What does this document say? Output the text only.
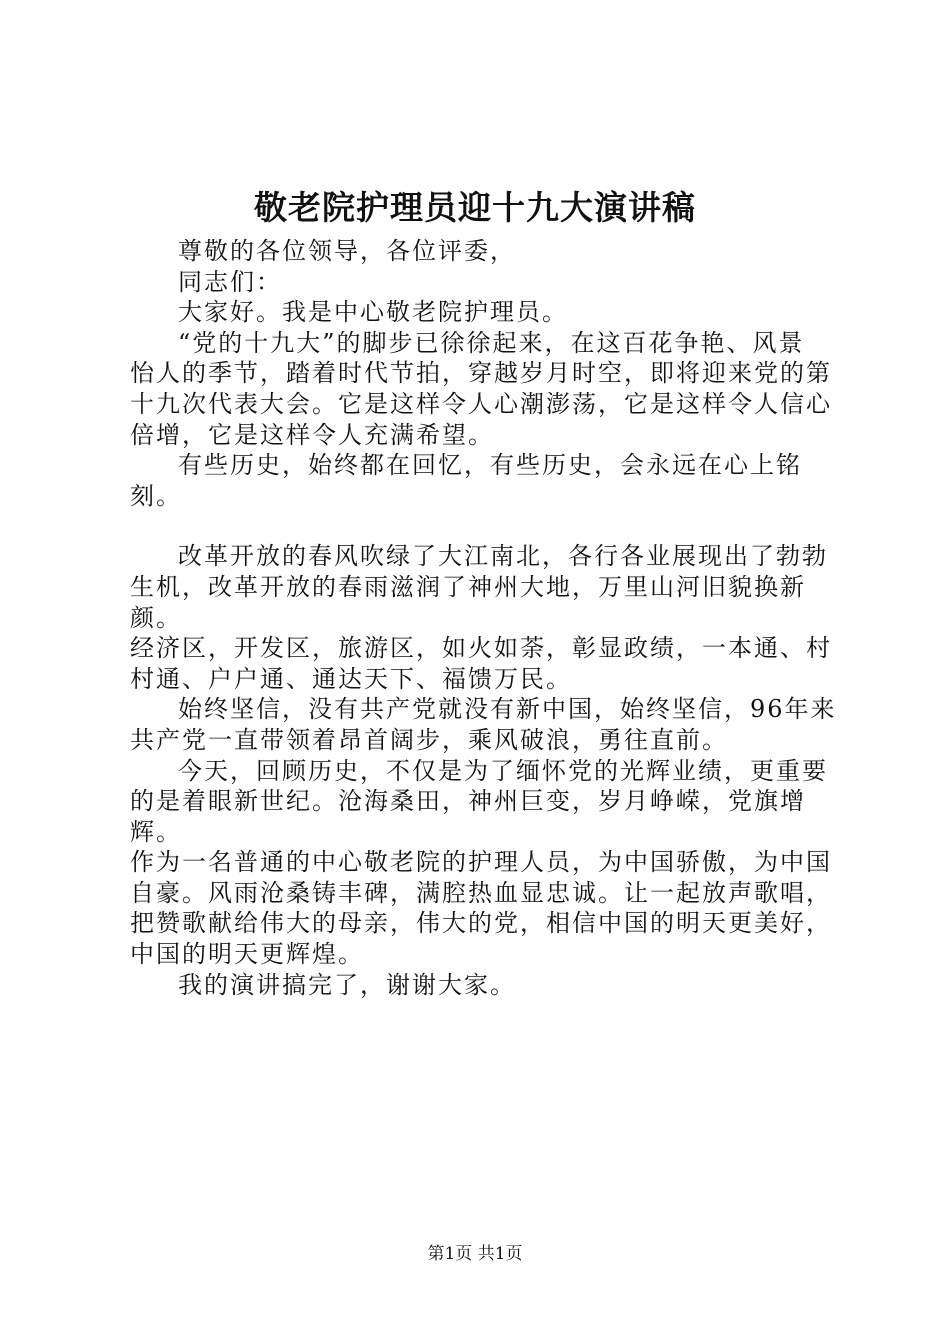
敬老院护理员迎十九大演讲稿

尊敬的各位领导，各位评委，

同志们：

大家好。我是中心敬老院护理员。

“党的十九大”的脚步已徐徐起来，在这百花争艳、风景
怡人的季节，踏着时代节拍，穿越岁月时空，即将迎来党的第
十九次代表大会。它是这样令人心潮澎荡，它是这样令人信心
倍增，它是这样令人充满希望。

有些历史，始终都在回忆，有些历史，会永远在心上铭刻。

改革开放的春风吹绿了大江南北，各行各业展现出了勃勃
生机，改革开放的春雨滋润了神州大地，万里山河旧貌换新颜。
经济区，开发区，旅游区，如火如荼，彰显政绩，一本通、村
村通、户户通、通达天下、福馈万民。

始终坚信，没有共产党就没有新中国，始终坚信，96年来
共产党一直带领着昂首阔步，乘风破浪，勇往直前。

今天，回顾历史，不仅是为了缅怀党的光辉业绩，更重要
的是着眼新世纪。沧海桑田，神州巨变，岁月峥嵘，党旗增辉。
作为一名普通的中心敬老院的护理人员，为中国骄傲，为中国
自豪。风雨沧桑铸丰碑，满腔热血显忠诚。让一起放声歌唱，
把赞歌献给伟大的母亲，伟大的党，相信中国的明天更美好，
中国的明天更辉煌。

我的演讲搞完了，谢谢大家。

第1页 共1页
